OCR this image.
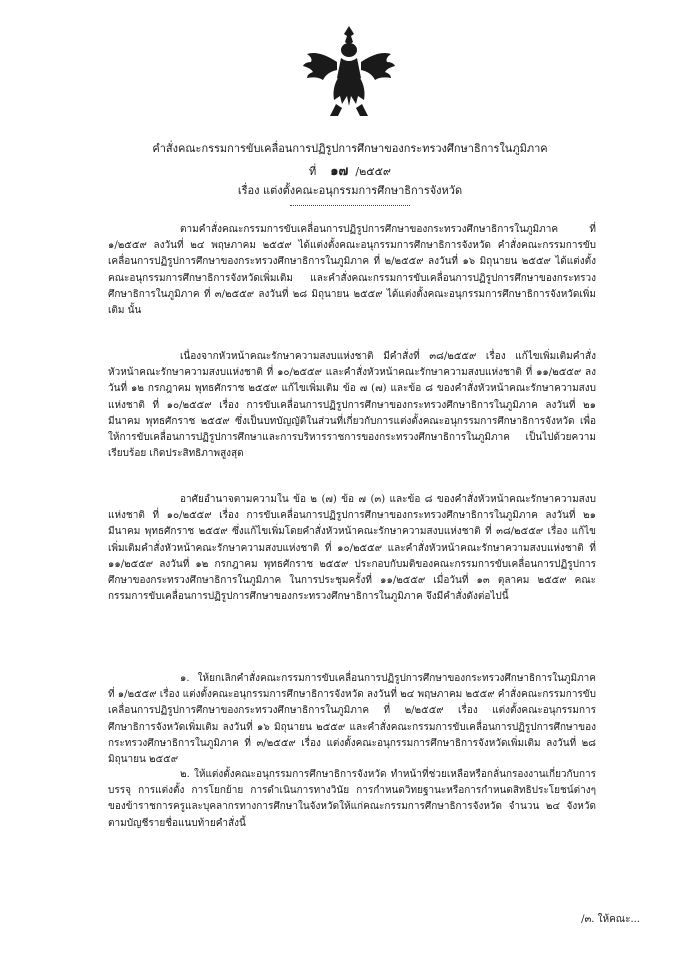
คำสั่งคณะกรรมการขับเคลื่อนการปฏิรูปการศึกษาของกระทรวงศึกษาธิการในภูมิภาค
ที่ ๑๗ /๒๕๕๙
เรื่อง แต่งตั้งคณะอนุกรรมการศึกษาธิการจังหวัด
ตามคำสั่งคณะกรรมการขับเคลื่อนการปฏิรูปการศึกษาของกระทรวงศึกษาธิการในภูมิภาค ที่ ๑/๒๕๕๙ ลงวันที่ ๒๔ พฤษภาคม ๒๕๕๙ ได้แต่งตั้งคณะอนุกรรมการศึกษาธิการจังหวัด คำสั่งคณะกรรมการขับเคลื่อนการปฏิรูปการศึกษาของกระทรวงศึกษาธิการในภูมิภาค ที่ ๒/๒๕๕๙ ลงวันที่ ๑๖ มิถุนายน ๒๕๕๙ ได้แต่งตั้งคณะอนุกรรมการศึกษาธิการจังหวัดเพิ่มเติม และคำสั่งคณะกรรมการขับเคลื่อนการปฏิรูปการศึกษาของกระทรวงศึกษาธิการในภูมิภาค ที่ ๓/๒๕๕๙ ลงวันที่ ๒๘ มิถุนายน ๒๕๕๙ ได้แต่งตั้งคณะอนุกรรมการศึกษาธิการจังหวัดเพิ่มเติม นั้น
เนื่องจากหัวหน้าคณะรักษาความสงบแห่งชาติ มีคำสั่งที่ ๓๘/๒๕๕๙ เรื่อง แก้ไขเพิ่มเติมคำสั่งหัวหน้าคณะรักษาความสงบแห่งชาติ ที่ ๑๐/๒๕๕๙ และคำสั่งหัวหน้าคณะรักษาความสงบแห่งชาติ ที่ ๑๑/๒๕๕๙ ลงวันที่ ๑๒ กรกฎาคม พุทธศักราช ๒๕๕๙ แก้ไขเพิ่มเติม ข้อ ๗ (๗) และข้อ ๘ ของคำสั่งหัวหน้าคณะรักษาความสงบแห่งชาติ ที่ ๑๐/๒๕๕๙ เรื่อง การขับเคลื่อนการปฏิรูปการศึกษาของกระทรวงศึกษาธิการในภูมิภาค ลงวันที่ ๒๑ มีนาคม พุทธศักราช ๒๕๕๙ ซึ่งเป็นบทบัญญัติในส่วนที่เกี่ยวกับการแต่งตั้งคณะอนุกรรมการศึกษาธิการจังหวัด เพื่อให้การขับเคลื่อนการปฏิรูปการศึกษาและการบริหารราชการของกระทรวงศึกษาธิการในภูมิภาค เป็นไปด้วยความเรียบร้อย เกิดประสิทธิภาพสูงสุด
อาศัยอำนาจตามความใน ข้อ ๒ (๗) ข้อ ๗ (๓) และข้อ ๘ ของคำสั่งหัวหน้าคณะรักษาความสงบแห่งชาติ ที่ ๑๐/๒๕๕๙ เรื่อง การขับเคลื่อนการปฏิรูปการศึกษาของกระทรวงศึกษาธิการในภูมิภาค ลงวันที่ ๒๑ มีนาคม พุทธศักราช ๒๕๕๙ ซึ่งแก้ไขเพิ่มโดยคำสั่งหัวหน้าคณะรักษาความสงบแห่งชาติ ที่ ๓๘/๒๕๕๙ เรื่อง แก้ไขเพิ่มเติมคำสั่งหัวหน้าคณะรักษาความสงบแห่งชาติ ที่ ๑๐/๒๕๕๙ และคำสั่งหัวหน้าคณะรักษาความสงบแห่งชาติ ที่ ๑๑/๒๕๕๙ ลงวันที่ ๑๒ กรกฎาคม พุทธศักราช ๒๕๕๙ ประกอบกับมติของคณะกรรมการขับเคลื่อนการปฏิรูปการศึกษาของกระทรวงศึกษาธิการในภูมิภาค ในการประชุมครั้งที่ ๑๑/๒๕๕๙ เมื่อวันที่ ๑๓ ตุลาคม ๒๕๕๙ คณะกรรมการขับเคลื่อนการปฏิรูปการศึกษาของกระทรวงศึกษาธิการในภูมิภาค จึงมีคำสั่งดังต่อไปนี้
๑. ให้ยกเลิกคำสั่งคณะกรรมการขับเคลื่อนการปฏิรูปการศึกษาของกระทรวงศึกษาธิการในภูมิภาค ที่ ๑/๒๕๕๙ เรื่อง แต่งตั้งคณะอนุกรรมการศึกษาธิการจังหวัด ลงวันที่ ๒๔ พฤษภาคม ๒๕๕๙ คำสั่งคณะกรรมการขับเคลื่อนการปฏิรูปการศึกษาของกระทรวงศึกษาธิการในภูมิภาค ที่ ๒/๒๕๕๙ เรื่อง แต่งตั้งคณะอนุกรรมการศึกษาธิการจังหวัดเพิ่มเติม ลงวันที่ ๑๖ มิถุนายน ๒๕๕๙ และคำสั่งคณะกรรมการขับเคลื่อนการปฏิรูปการศึกษาของกระทรวงศึกษาธิการในภูมิภาค ที่ ๓/๒๕๕๙ เรื่อง แต่งตั้งคณะอนุกรรมการศึกษาธิการจังหวัดเพิ่มเติม ลงวันที่ ๒๘ มิถุนายน ๒๕๕๙
๒. ให้แต่งตั้งคณะอนุกรรมการศึกษาธิการจังหวัด ทำหน้าที่ช่วยเหลือหรือกลั่นกรองงานเกี่ยวกับการบรรจุ การแต่งตั้ง การโยกย้าย การดำเนินการทางวินัย การกำหนดวิทยฐานะหรือการกำหนดสิทธิประโยชน์ต่างๆ ของข้าราชการครูและบุคลากรทางการศึกษาในจังหวัดให้แก่คณะกรรมการศึกษาธิการจังหวัด จำนวน ๒๔ จังหวัด ตามบัญชีรายชื่อแนบท้ายคำสั่งนี้
/๓. ให้คณะ...
